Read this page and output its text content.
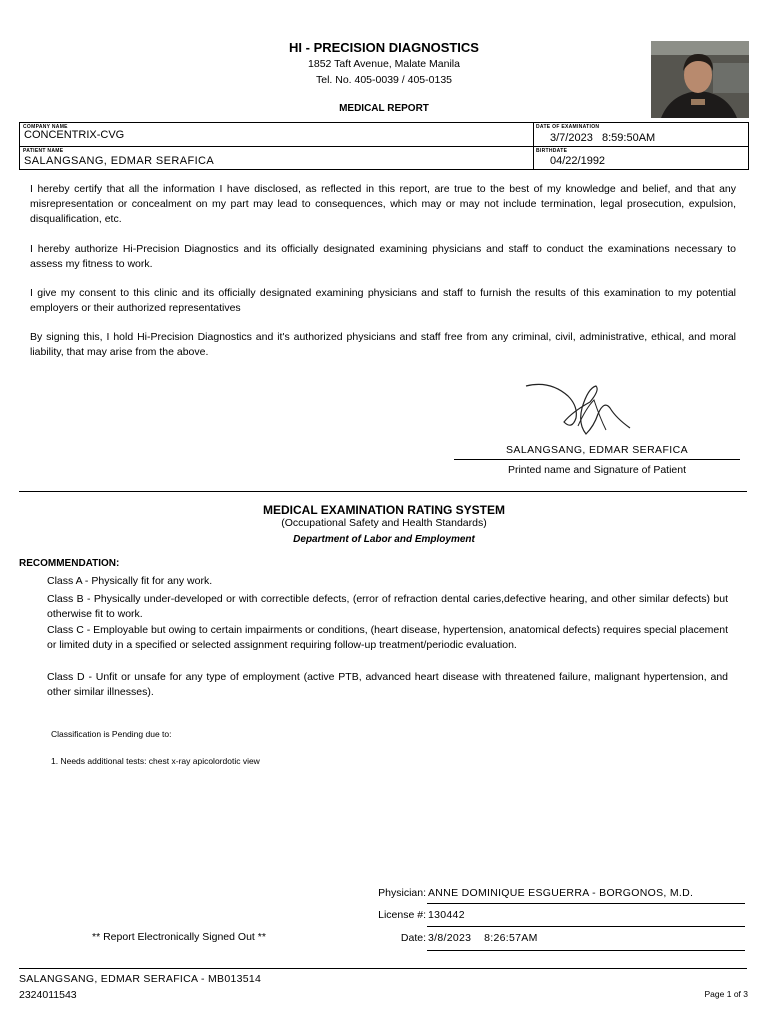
HI - PRECISION DIAGNOSTICS
1852 Taft Avenue, Malate Manila
Tel. No. 405-0039 / 405-0135
MEDICAL REPORT
COMPANY NAME
CONCENTRIX-CVG
DATE OF EXAMINATION
3/7/2023   8:59:50AM
PATIENT NAME
SALANGSANG, EDMAR SERAFICA
BIRTHDATE
04/22/1992
I hereby certify that all the information I have disclosed, as reflected in this report, are true to the best of my knowledge and belief, and that any misrepresentation or concealment on my part may lead to consequences, which may or may not include termination, legal prosecution, expulsion, disqualification, etc.
I hereby authorize Hi-Precision Diagnostics and its officially designated examining physicians and staff to conduct the examinations necessary to assess my fitness to work.
I give my consent to this clinic and its officially designated examining physicians and staff to furnish the results of this examination to my potential employers or their authorized representatives
By signing this, I hold Hi-Precision Diagnostics and it's authorized physicians and staff free from any criminal, civil, administrative, ethical, and moral liability, that may arise from the above.
SALANGSANG, EDMAR SERAFICA
Printed name and Signature of Patient
MEDICAL EXAMINATION RATING SYSTEM
(Occupational Safety and Health Standards)
Department of Labor and Employment
RECOMMENDATION:
Class A - Physically fit for any work.
Class B - Physically under-developed or with correctible defects, (error of refraction dental caries,defective hearing, and other similar defects) but otherwise fit to work.
Class C - Employable but owing to certain impairments or conditions, (heart disease, hypertension, anatomical defects) requires special placement or limited duty in a specified or selected assignment requiring follow-up treatment/periodic evaluation.
Class D - Unfit or unsafe for any type of employment (active PTB, advanced heart disease with threatened failure, malignant hypertension, and other similar illnesses).
Classification is Pending due to:
1. Needs additional tests: chest x-ray apicolordotic view
Physician: ANNE DOMINIQUE ESGUERRA - BORGONOS, M.D.
License #: 130442
** Report Electronically Signed Out **	Date: 3/8/2023    8:26:57AM
SALANGSANG, EDMAR SERAFICA - MB013514
2324011543	Page 1 of 3
